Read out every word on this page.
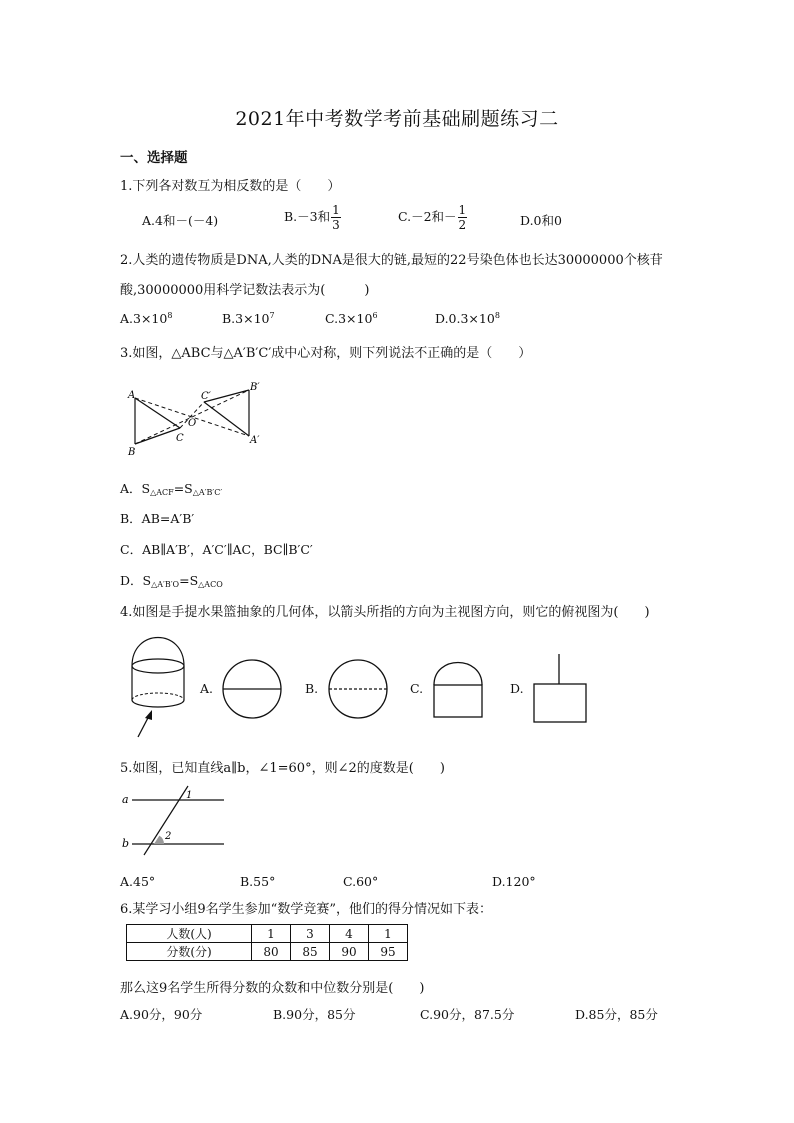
2021年中考数学考前基础刷题练习二
一、选择题
1.下列各对数互为相反数的是（　　）
A.4和－(－4)	B.－3和 $\frac{1}{3}$	C.－2和－ $\frac{1}{2}$	D.0和0
2.人类的遗传物质是DNA,人类的DNA是很大的链,最短的22号染色体也长达30000000个核苷
酸,30000000用科学记数法表示为(　　　)
$A.3\times 10^8$	$B.3\times 10^7$	$C.3\times 10^6$	$D.0.3\times 10^8$
3.如图，△ABC与△A′B′C′成中心对称，则下列说法不正确的是（　　）
A
B
C
O
C′
B′
A′
A．$S_{\triangle ACF}=S_{\triangle A'B'C'}$
B．AB=A′B′
C．AB∥A′B′，A′C′∥AC，BC∥B′C′
D．$S_{\triangle A'B'O}=S_{\triangle ACO}$
4.如图是手提水果篮抽象的几何体，以箭头所指的方向为主视图方向，则它的俯视图为(　　)
A.	B.	C.	D.
5.如图，已知直线a∥b，∠1=60°，则∠2的度数是(　　)
a
b
1
2
A.45°	B.55°	C.60°	D.120°
6.某学习小组9名学生参加“数学竞赛”，他们的得分情况如下表：
人数(人)	1	3	4	1
分数(分)	80	85	90	95
那么这9名学生所得分数的众数和中位数分别是(　　)
A.90分，90分	B.90分，85分	C.90分，87.5分	D.85分，85分
